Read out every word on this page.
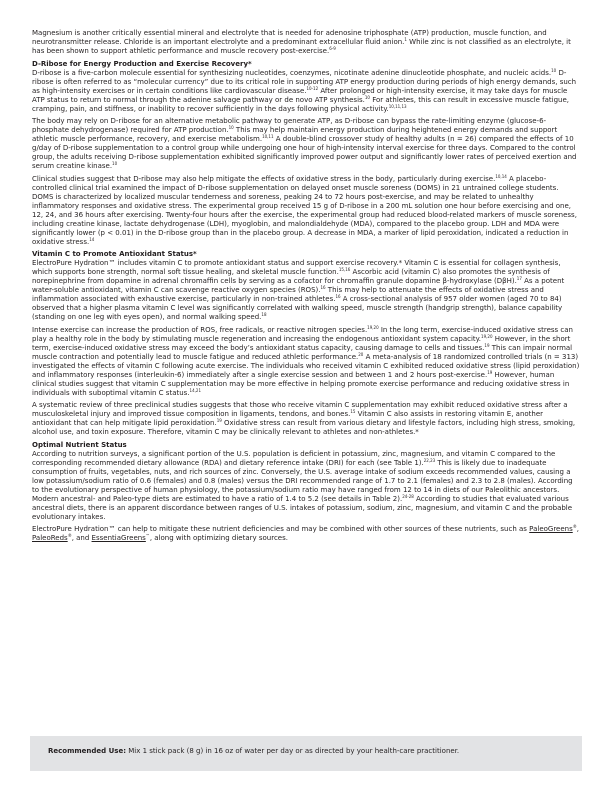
Magnesium is another critically essential mineral and electrolyte that is needed for adenosine triphosphate (ATP) production, muscle function, and neurotransmitter release. Chloride is an important electrolyte and a predominant extracellular fluid anion.$^1$ While zinc is not classified as an electrolyte, it has been shown to support athletic performance and muscle recovery post-exercise.$^{6-9}$

D-Ribose for Energy Production and Exercise Recovery*

D-ribose is a five-carbon molecule essential for synthesizing nucleotides, coenzymes, nicotinate adenine dinucleotide phosphate, and nucleic acids.$^{10}$ D-ribose is often referred to as “molecular currency” due to its critical role in supporting ATP energy production during periods of high energy demands, such as high-intensity exercises or in certain conditions like cardiovascular disease.$^{10-12}$ After prolonged or high-intensity exercise, it may take days for muscle ATP status to return to normal through the adenine salvage pathway or de novo ATP synthesis.$^{10}$ For athletes, this can result in excessive muscle fatigue, cramping, pain, and stiffness, or inability to recover sufficiently in the days following physical activity.$^{10,11,13}$

The body may rely on D-ribose for an alternative metabolic pathway to generate ATP, as D-ribose can bypass the rate-limiting enzyme (glucose-6-phosphate dehydrogenase) required for ATP production.$^{10}$ This may help maintain energy production during heightened energy demands and support athletic muscle performance, recovery, and exercise metabolism.$^{10,11}$ A double-blind crossover study of healthy adults (n = 26) compared the effects of 10 g/day of D-ribose supplementation to a control group while undergoing one hour of high-intensity interval exercise for three days. Compared to the control group, the adults receiving D-ribose supplementation exhibited significantly improved power output and significantly lower rates of perceived exertion and serum creatine kinase.$^{10}$

Clinical studies suggest that D-ribose may also help mitigate the effects of oxidative stress in the body, particularly during exercise.$^{10,14}$ A placebo-controlled clinical trial examined the impact of D-ribose supplementation on delayed onset muscle soreness (DOMS) in 21 untrained college students. DOMS is characterized by localized muscular tenderness and soreness, peaking 24 to 72 hours post-exercise, and may be related to unhealthy inflammatory responses and oxidative stress. The experimental group received 15 g of D-ribose in a 200 mL solution one hour before exercising and one, 12, 24, and 36 hours after exercising. Twenty-four hours after the exercise, the experimental group had reduced blood-related markers of muscle soreness, including creatine kinase, lactate dehydrogenase (LDH), myoglobin, and malondialdehyde (MDA), compared to the placebo group. LDH and MDA were significantly lower (p < 0.01) in the D-ribose group than in the placebo group. A decrease in MDA, a marker of lipid peroxidation, indicated a reduction in oxidative stress.$^{14}$

Vitamin C to Promote Antioxidant Status*

ElectroPure Hydration™ includes vitamin C to promote antioxidant status and support exercise recovery.* Vitamin C is essential for collagen synthesis, which supports bone strength, normal soft tissue healing, and skeletal muscle function.$^{15,16}$ Ascorbic acid (vitamin C) also promotes the synthesis of norepinephrine from dopamine in adrenal chromaffin cells by serving as a cofactor for chromaffin granule dopamine β-hydroxylase (DβH).$^{17}$ As a potent water-soluble antioxidant, vitamin C can scavenge reactive oxygen species (ROS).$^{16}$ This may help to attenuate the effects of oxidative stress and inflammation associated with exhaustive exercise, particularly in non-trained athletes.$^{16}$ A cross-sectional analysis of 957 older women (aged 70 to 84) observed that a higher plasma vitamin C level was significantly correlated with walking speed, muscle strength (handgrip strength), balance capability (standing on one leg with eyes open), and normal walking speed.$^{18}$

Intense exercise can increase the production of ROS, free radicals, or reactive nitrogen species.$^{19,20}$ In the long term, exercise-induced oxidative stress can play a healthy role in the body by stimulating muscle regeneration and increasing the endogenous antioxidant system capacity.$^{19,20}$ However, in the short term, exercise-induced oxidative stress may exceed the body’s antioxidant status capacity, causing damage to cells and tissues.$^{19}$ This can impair normal muscle contraction and potentially lead to muscle fatigue and reduced athletic performance.$^{20}$ A meta-analysis of 18 randomized controlled trials (n = 313) investigated the effects of vitamin C following acute exercise. The individuals who received vitamin C exhibited reduced oxidative stress (lipid peroxidation) and inflammatory responses (interleukin-6) immediately after a single exercise session and between 1 and 2 hours post-exercise.$^{19}$ However, human clinical studies suggest that vitamin C supplementation may be more effective in helping promote exercise performance and reducing oxidative stress in individuals with suboptimal vitamin C status.$^{14,21}$

A systematic review of three preclinical studies suggests that those who receive vitamin C supplementation may exhibit reduced oxidative stress after a musculoskeletal injury and improved tissue composition in ligaments, tendons, and bones.$^{15}$ Vitamin C also assists in restoring vitamin E, another antioxidant that can help mitigate lipid peroxidation.$^{19}$ Oxidative stress can result from various dietary and lifestyle factors, including high stress, smoking, alcohol use, and toxin exposure. Therefore, vitamin C may be clinically relevant to athletes and non-athletes.*

Optimal Nutrient Status

According to nutrition surveys, a significant portion of the U.S. population is deficient in potassium, zinc, magnesium, and vitamin C compared to the corresponding recommended dietary allowance (RDA) and dietary reference intake (DRI) for each (see Table 1).$^{22,23}$ This is likely due to inadequate consumption of fruits, vegetables, nuts, and rich sources of zinc. Conversely, the U.S. average intake of sodium exceeds recommended values, causing a low potassium/sodium ratio of 0.6 (females) and 0.8 (males) versus the DRI recommended range of 1.7 to 2.1 (females) and 2.3 to 2.8 (males). According to the evolutionary perspective of human physiology, the potassium/sodium ratio may have ranged from 12 to 14 in diets of our Paleolithic ancestors. Modern ancestral- and Paleo-type diets are estimated to have a ratio of 1.4 to 5.2 (see details in Table 2).$^{24-28}$ According to studies that evaluated various ancestral diets, there is an apparent discordance between ranges of U.S. intakes of potassium, sodium, zinc, magnesium, and vitamin C and the probable evolutionary intakes.

ElectroPure Hydration™ can help to mitigate these nutrient deficiencies and may be combined with other sources of these nutrients, such as PaleoGreens®, PaleoReds®, and EssentiaGreens™, along with optimizing dietary sources.

Recommended Use: Mix 1 stick pack (8 g) in 16 oz of water per day or as directed by your health-care practitioner.
